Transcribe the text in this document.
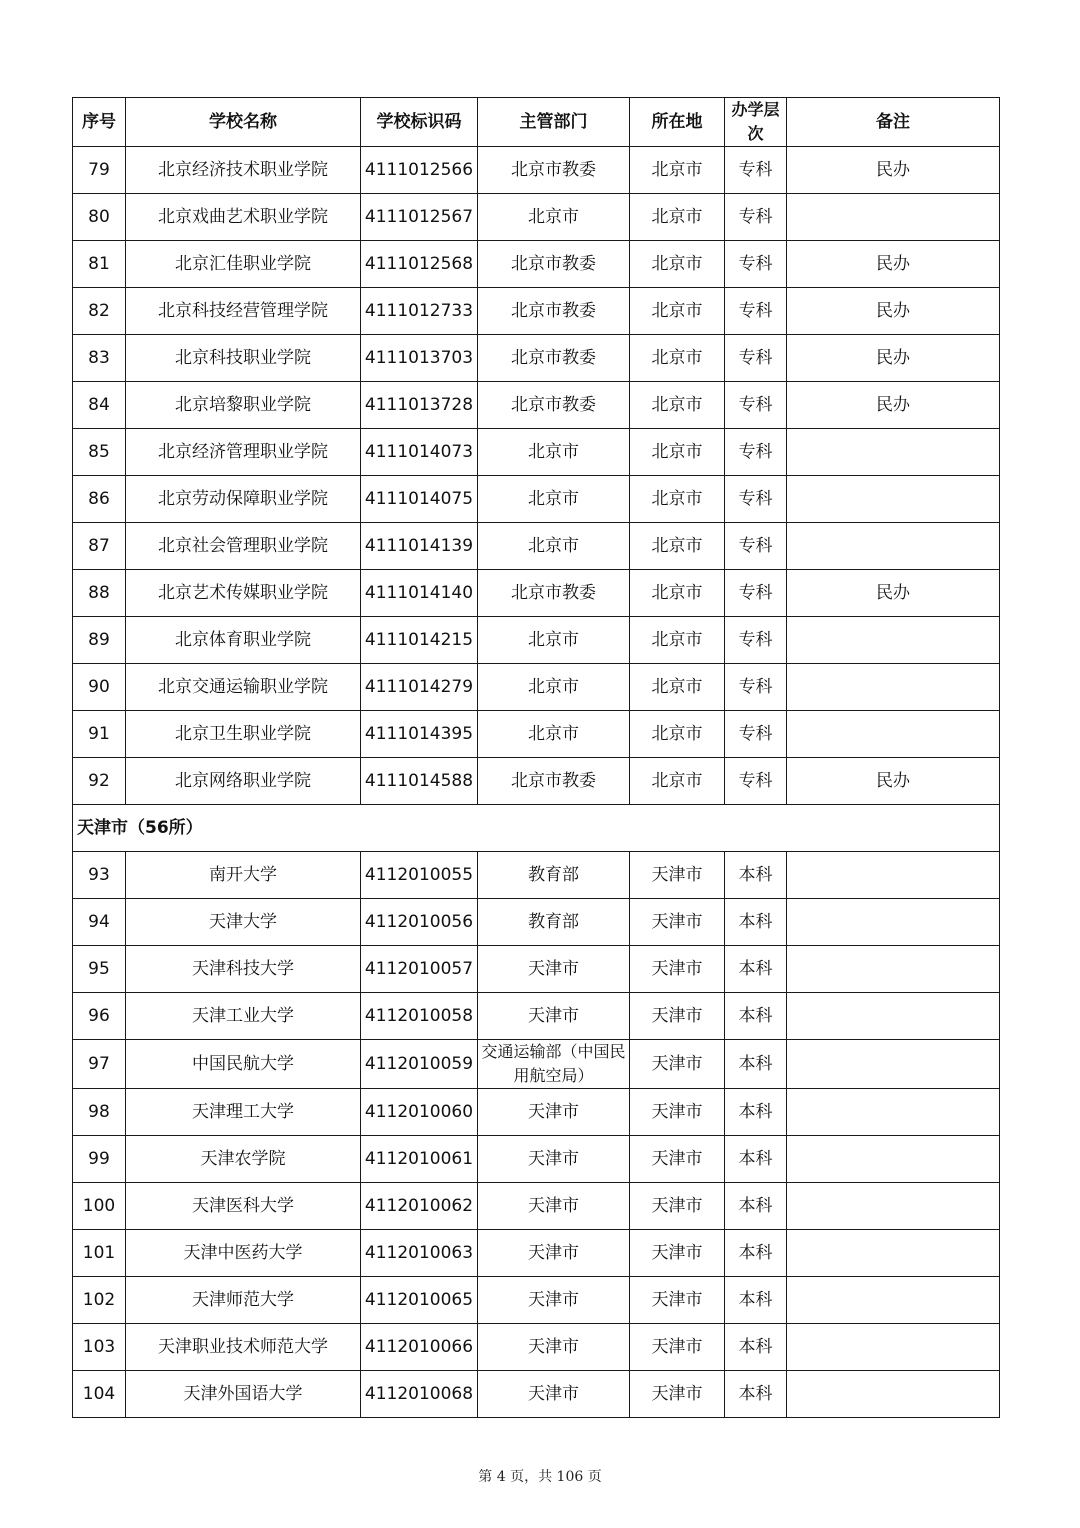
序号	学校名称	学校标识码	主管部门	所在地	办学层次	备注
79	北京经济技术职业学院	4111012566	北京市教委	北京市	专科	民办
80	北京戏曲艺术职业学院	4111012567	北京市	北京市	专科	
81	北京汇佳职业学院	4111012568	北京市教委	北京市	专科	民办
82	北京科技经营管理学院	4111012733	北京市教委	北京市	专科	民办
83	北京科技职业学院	4111013703	北京市教委	北京市	专科	民办
84	北京培黎职业学院	4111013728	北京市教委	北京市	专科	民办
85	北京经济管理职业学院	4111014073	北京市	北京市	专科	
86	北京劳动保障职业学院	4111014075	北京市	北京市	专科	
87	北京社会管理职业学院	4111014139	北京市	北京市	专科	
88	北京艺术传媒职业学院	4111014140	北京市教委	北京市	专科	民办
89	北京体育职业学院	4111014215	北京市	北京市	专科	
90	北京交通运输职业学院	4111014279	北京市	北京市	专科	
91	北京卫生职业学院	4111014395	北京市	北京市	专科	
92	北京网络职业学院	4111014588	北京市教委	北京市	专科	民办
天津市（56所）						
93	南开大学	4112010055	教育部	天津市	本科	
94	天津大学	4112010056	教育部	天津市	本科	
95	天津科技大学	4112010057	天津市	天津市	本科	
96	天津工业大学	4112010058	天津市	天津市	本科	
97	中国民航大学	4112010059	交通运输部（中国民用航空局）	天津市	本科	
98	天津理工大学	4112010060	天津市	天津市	本科	
99	天津农学院	4112010061	天津市	天津市	本科	
100	天津医科大学	4112010062	天津市	天津市	本科	
101	天津中医药大学	4112010063	天津市	天津市	本科	
102	天津师范大学	4112010065	天津市	天津市	本科	
103	天津职业技术师范大学	4112010066	天津市	天津市	本科	
104	天津外国语大学	4112010068	天津市	天津市	本科	
第 4 页，共 106 页
